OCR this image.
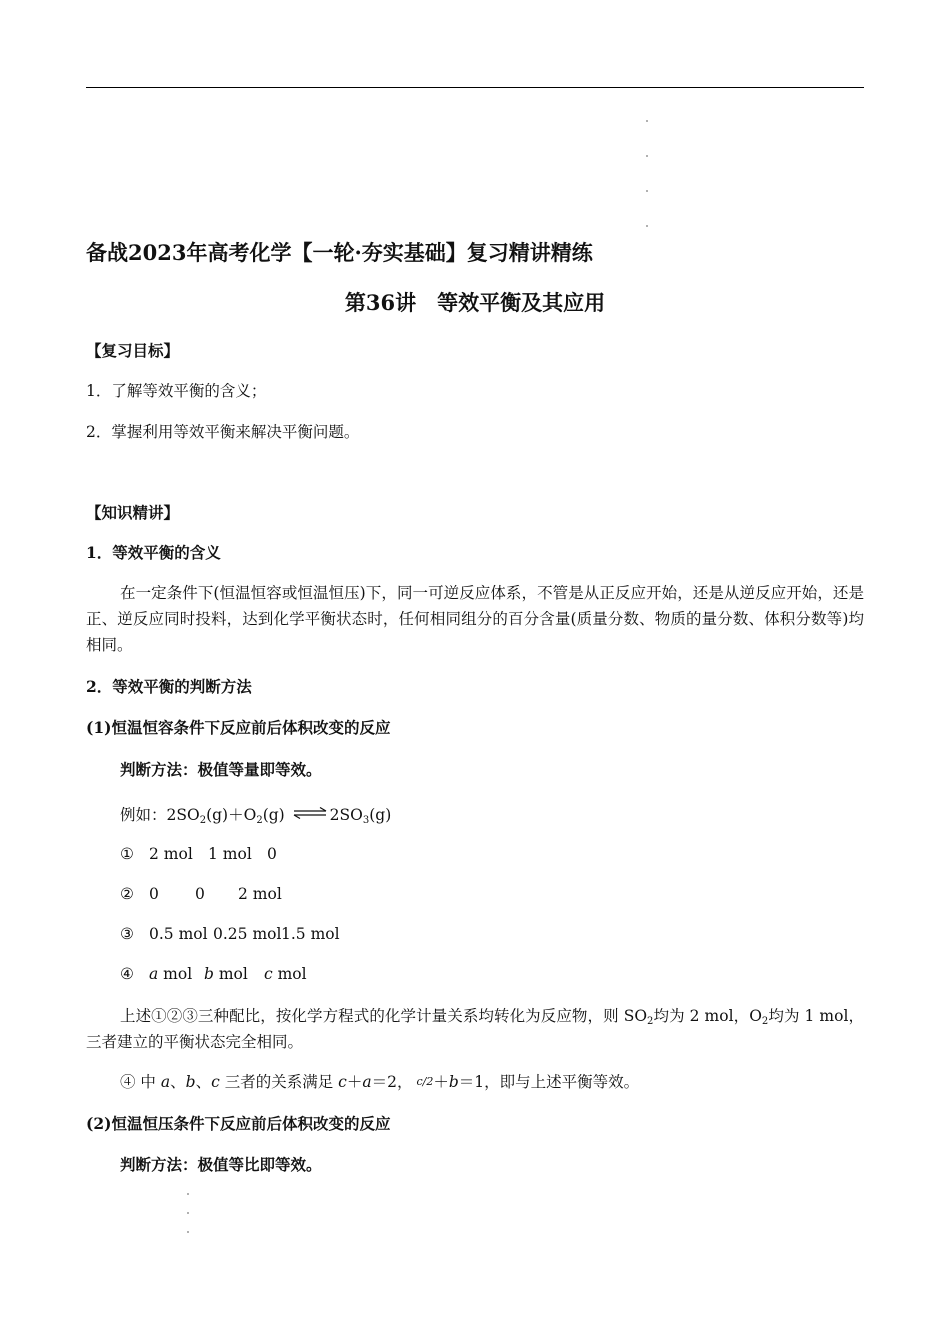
备战2023年高考化学【一轮·夯实基础】复习精讲精练
第36讲　等效平衡及其应用
【复习目标】
1．了解等效平衡的含义；
2．掌握利用等效平衡来解决平衡问题。
【知识精讲】
1．等效平衡的含义
在一定条件下(恒温恒容或恒温恒压)下，同一可逆反应体系，不管是从正反应开始，还是从逆反应开始，还是正、逆反应同时投料，达到化学平衡状态时，任何相同组分的百分含量(质量分数、物质的量分数、体积分数等)均相同。
2．等效平衡的判断方法
(1)恒温恒容条件下反应前后体积改变的反应
判断方法：极值等量即等效。
例如：$2SO_2(g)+O_2(g)$ ⇌ $2SO_3(g)$
① 2 mol 1 mol 0
② 0 0 2 mol
③ 0.5 mol 0.25 mol1.5 mol
④ a mol b mol c mol
上述①②③三种配比，按化学方程式的化学计量关系均转化为反应物，则 $SO_2$均为 2 mol，$O_2$均为 1 mol，三者建立的平衡状态完全相同。
④ 中 a、b、c 三者的关系满足 c＋a＝2， c/2＋b＝1，即与上述平衡等效。
(2)恒温恒压条件下反应前后体积改变的反应
判断方法：极值等比即等效。
